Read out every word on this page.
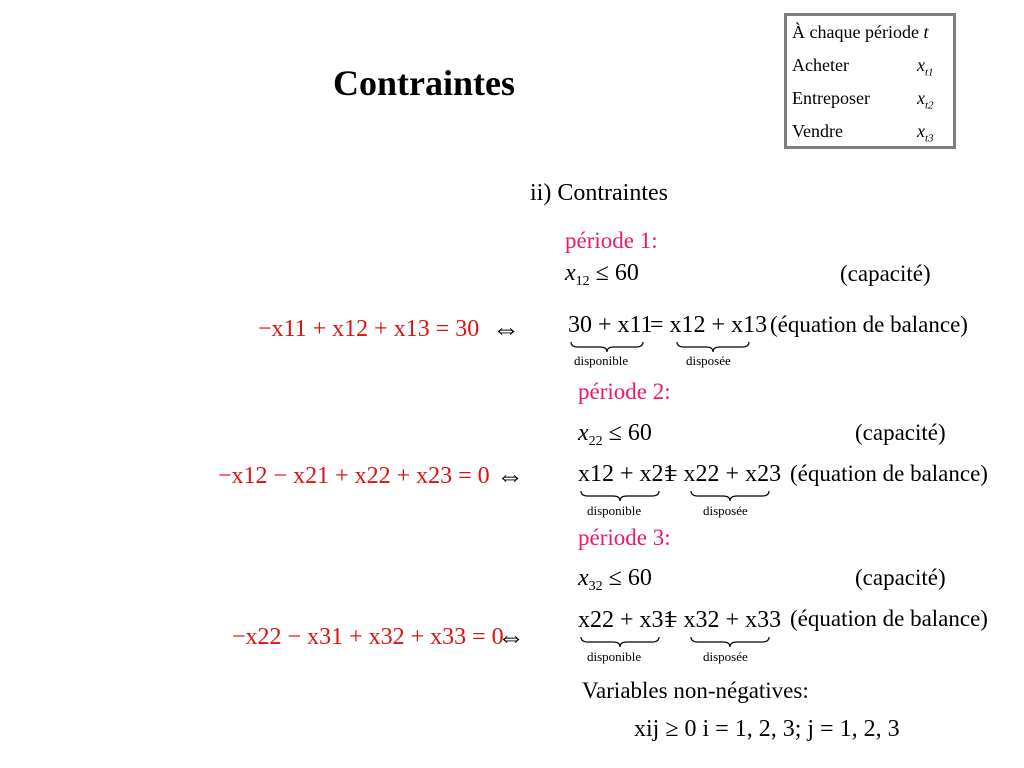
Contraintes
À chaque période t
Acheter	$x_{t1}$
Entreposer	$x_{t2}$
Vendre	$x_{t3}$
ii) Contraintes
période 1:
$x_{12} \le 60$	(capacité)
−x11 + x12 + x13 = 30 ⇔ 30 + x11
= x12 + x13 (équation de balance)
disponible	disposée
période 2:
$x_{22} \le 60$	(capacité)
−x12 − x21 + x22 + x23 = 0 ⇔ x12 + x21
= x22 + x23 (équation de balance)
disponible	disposée
période 3:
$x_{32} \le 60$	(capacité)
−x22 − x31 + x32 + x33 = 0
⇔
x22 + x31
= x32 + x33 (équation de balance)
disponible	disposée
Variables non-négatives:
xij ≥ 0 i = 1, 2, 3; j = 1, 2, 3
